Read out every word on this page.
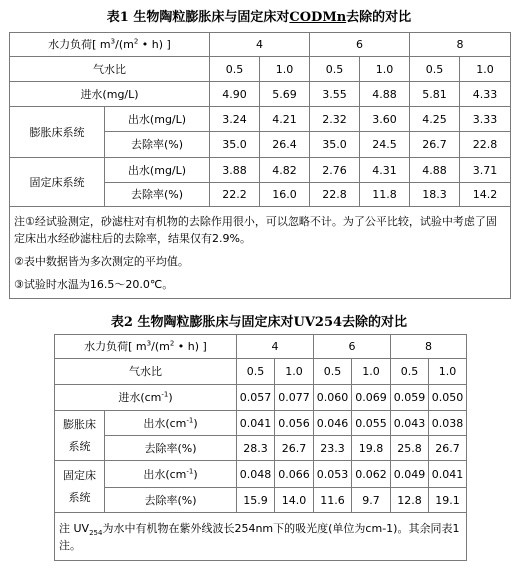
表1 生物陶粒膨胀床与固定床对CODMn去除的对比
水力负荷[ $m^3/(m^2$ • h) ]		4		6		8	
气水比		0.5	1.0	0.5	1.0	0.5	1.0
进水(mg/L)		4.90	5.69	3.55	4.88	5.81	4.33
膨胀床系统	出水(mg/L)	3.24	4.21	2.32	3.60	4.25	3.33
	去除率(%)	35.0	26.4	35.0	24.5	26.7	22.8
固定床系统	出水(mg/L)	3.88	4.82	2.76	4.31	4.88	3.71
	去除率(%)	22.2	16.0	22.8	11.8	18.3	14.2

注①经试验测定，砂滤柱对有机物的去除作用很小，可以忽略不计。为了公平比较，试验中考虑了固定床出水经砂滤柱后的去除率，结果仅有2.9%。

②表中数据皆为多次测定的平均值。

③试验时水温为16.5～20.0℃。							

表2 生物陶粒膨胀床与固定床对UV254去除的对比
水力负荷[ $m^3/(m^2$ • h) ]		4		6		8	
气水比		0.5	1.0	0.5	1.0	0.5	1.0
进水$(cm^{-1})$		0.057	0.077	0.060	0.069	0.059	0.050

膨胀床
系统	出水$(cm^{-1})$	0.041	0.056	0.046	0.055	0.043	0.038
	去除率(%)	28.3	26.7	23.3	19.8	25.8	26.7

固定床
系统	出水$(cm^{-1})$	0.048	0.066	0.053	0.062	0.049	0.041
	去除率(%)	15.9	14.0	11.6	9.7	12.8	19.1
注 $UV_{254}$为水中有机物在紫外线波长254nm下的吸光度(单位为cm-1)。其余同表1注。							
